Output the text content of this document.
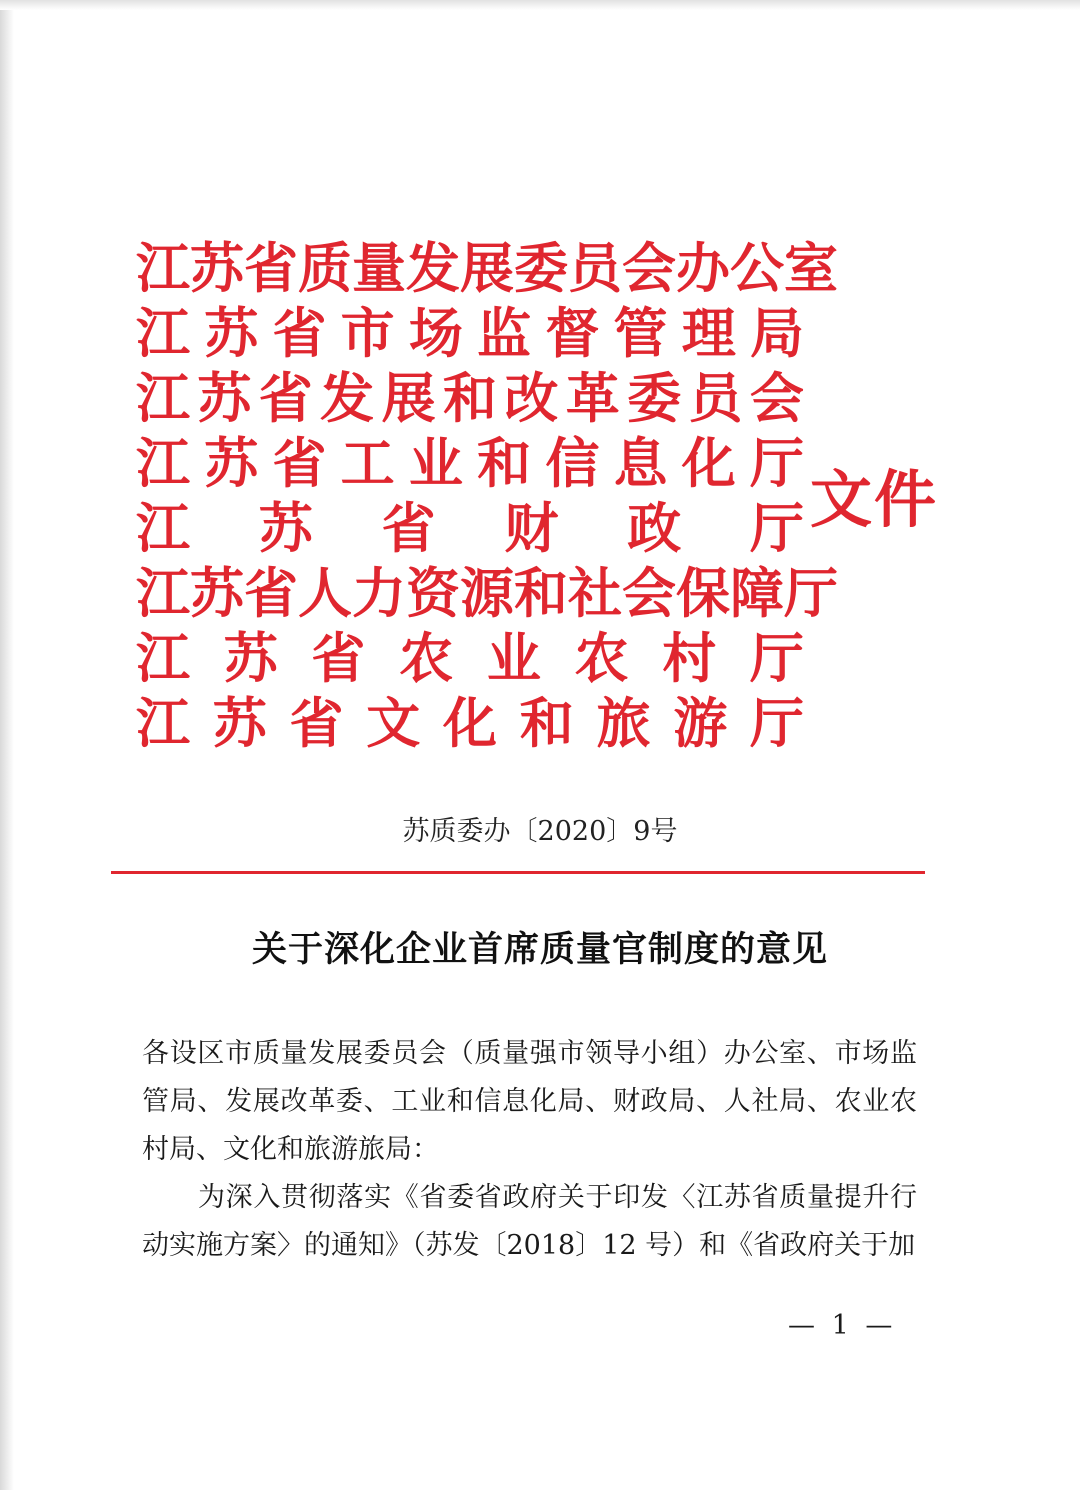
江 苏 省 质 量 发 展 委 员 会 办 公 室
江 苏 省 市 场 监 督 管 理 局
江 苏 省 发 展 和 改 革 委 员 会
江 苏 省 工 业 和 信 息 化 厅
江 苏 省 财 政 厅
江 苏 省 人 力 资 源 和 社 会 保 障 厅
江 苏 省 农 业 农 村 厅
江 苏 省 文 化 和 旅 游 厅
文件
苏质委办〔2020〕9号
关于深化企业首席质量官制度的意见

各设区市质量发展委员会（质量强市领导小组）办公室、市场监管局、发展改革委、工业和信息化局、财政局、人社局、农业农村局、文化和旅游旅局：

为深入贯彻落实《省委省政府关于印发〈江苏省质量提升行动实施方案〉的通知》（苏发〔2018〕12 号）和《省政府关于加

— 1 —
